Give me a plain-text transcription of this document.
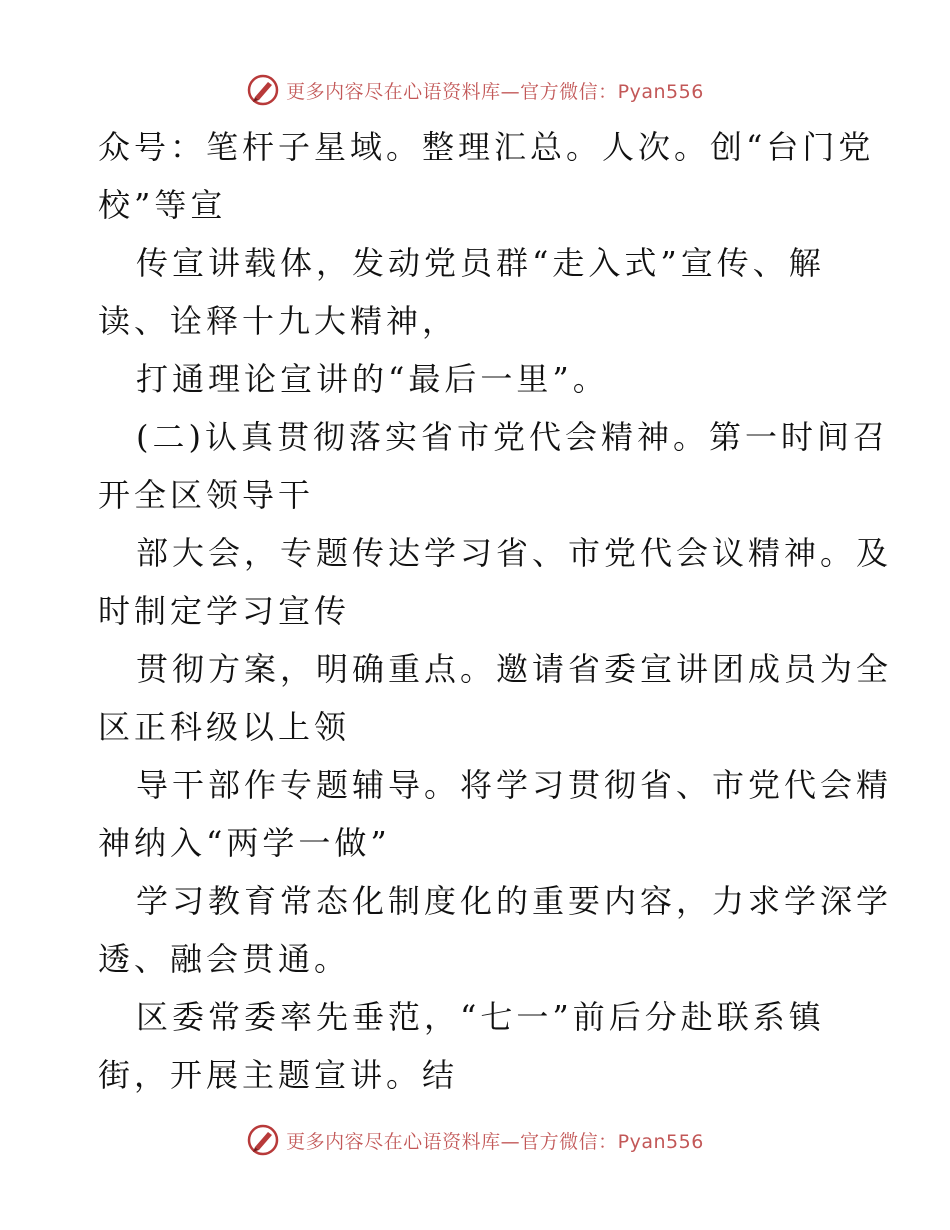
更多内容尽在心语资料库—官方微信：Pyan556
众号：笔杆子星域。整理汇总。人次。创“台门党
校”等宣
传宣讲载体，发动党员群“走入式”宣传、解
读、诠释十九大精神，
打通理论宣讲的“最后一里”。
(二)认真贯彻落实省市党代会精神。第一时间召
开全区领导干
部大会，专题传达学习省、市党代会议精神。及
时制定学习宣传
贯彻方案，明确重点。邀请省委宣讲团成员为全
区正科级以上领
导干部作专题辅导。将学习贯彻省、市党代会精
神纳入“两学一做”
学习教育常态化制度化的重要内容，力求学深学
透、融会贯通。
区委常委率先垂范，“七一”前后分赴联系镇
街，开展主题宣讲。结
更多内容尽在心语资料库—官方微信：Pyan556
